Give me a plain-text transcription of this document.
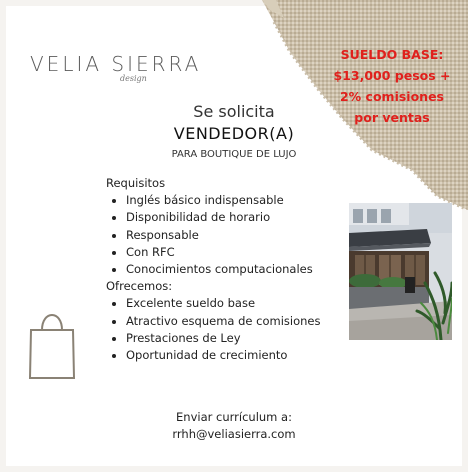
VELIA SIERRA
design
SUELDO BASE:
$13,000 pesos +
2% comisiones
por ventas
Se solicita
VENDEDOR(A)
PARA BOUTIQUE DE LUJO
Requisitos
• Inglés básico indispensable
• Disponibilidad de horario
• Responsable
• Con RFC
• Conocimientos computacionales
Ofrecemos:
• Excelente sueldo base
• Atractivo esquema de comisiones
• Prestaciones de Ley
• Oportunidad de crecimiento
Enviar currículum a:
rrhh@veliasierra.com
